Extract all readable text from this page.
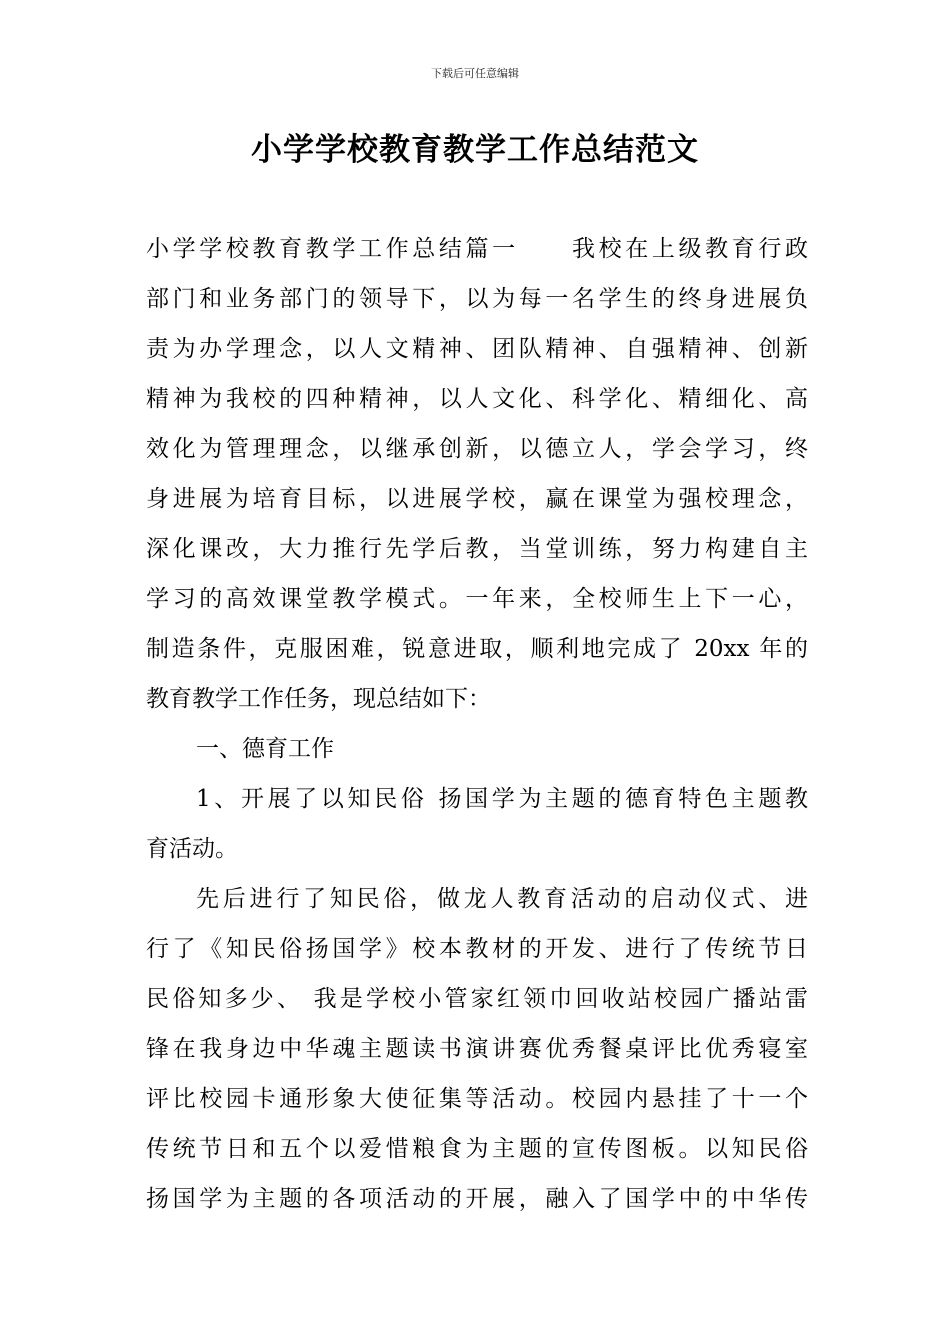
下载后可任意编辑
小学学校教育教学工作总结范文
小学学校教育教学工作总结篇一　　我校在上级教育行政
部门和业务部门的领导下，以为每一名学生的终身进展负
责为办学理念，以人文精神、团队精神、自强精神、创新
精神为我校的四种精神，以人文化、科学化、精细化、高
效化为管理理念，以继承创新，以德立人，学会学习，终
身进展为培育目标，以进展学校，赢在课堂为强校理念，
深化课改，大力推行先学后教，当堂训练，努力构建自主
学习的高效课堂教学模式。一年来，全校师生上下一心，
制造条件，克服困难，锐意进取，顺利地完成了 20xx 年的
教育教学工作任务，现总结如下：
一、德育工作
1、开展了以知民俗 扬国学为主题的德育特色主题教
育活动。
先后进行了知民俗，做龙人教育活动的启动仪式、进
行了《知民俗扬国学》校本教材的开发、进行了传统节日
民俗知多少、 我是学校小管家红领巾回收站校园广播站雷
锋在我身边中华魂主题读书演讲赛优秀餐桌评比优秀寝室
评比校园卡通形象大使征集等活动。校园内悬挂了十一个
传统节日和五个以爱惜粮食为主题的宣传图板。以知民俗
扬国学为主题的各项活动的开展，融入了国学中的中华传
